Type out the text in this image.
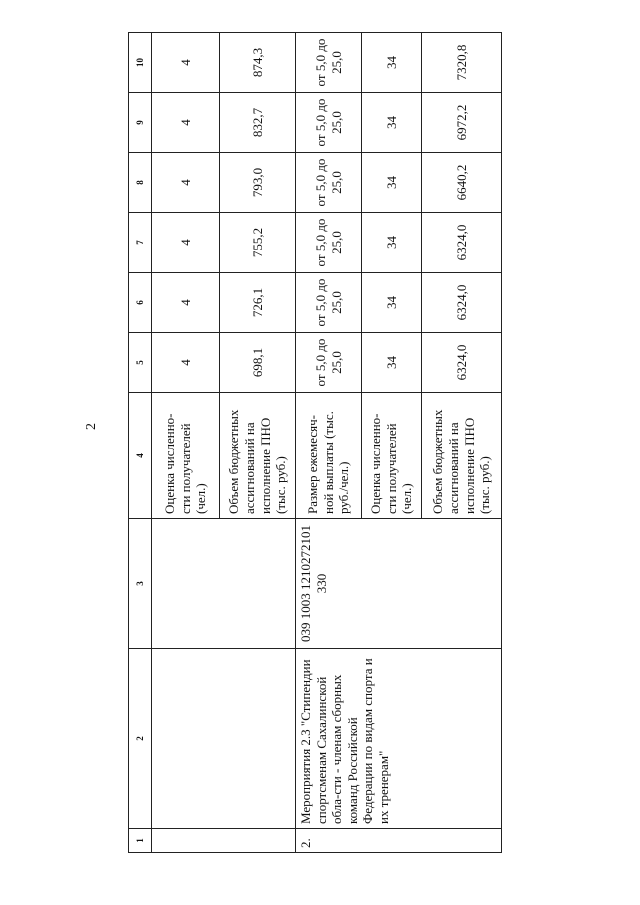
2
1	2	3	4	5	6	7	8	9	10
			Оценка численно-сти получателей (чел.)	4	4	4	4	4	4
			Объем бюджетных ассигнований на исполнение ПНО (тыс. руб.)	698,1	726,1	755,2	793,0	832,7	874,3
2.	Мероприятия 2.3 "Стипендии спортсменам Сахалинской обла-сти - членам сборных команд Российской Федерации по видам спорта и их тренерам"	039 1003 1210272101 330	Размер ежемесяч-ной выплаты (тыс. руб./чел.)	от 5,0 до 25,0	от 5,0 до 25,0	от 5,0 до 25,0	от 5,0 до 25,0	от 5,0 до 25,0	от 5,0 до 25,0
			Оценка численно-сти получателей (чел.)	34	34	34	34	34	34
			Объем бюджетных ассигнований на исполнение ПНО (тыс. руб.)	6324,0	6324,0	6324,0	6640,2	6972,2	7320,8
